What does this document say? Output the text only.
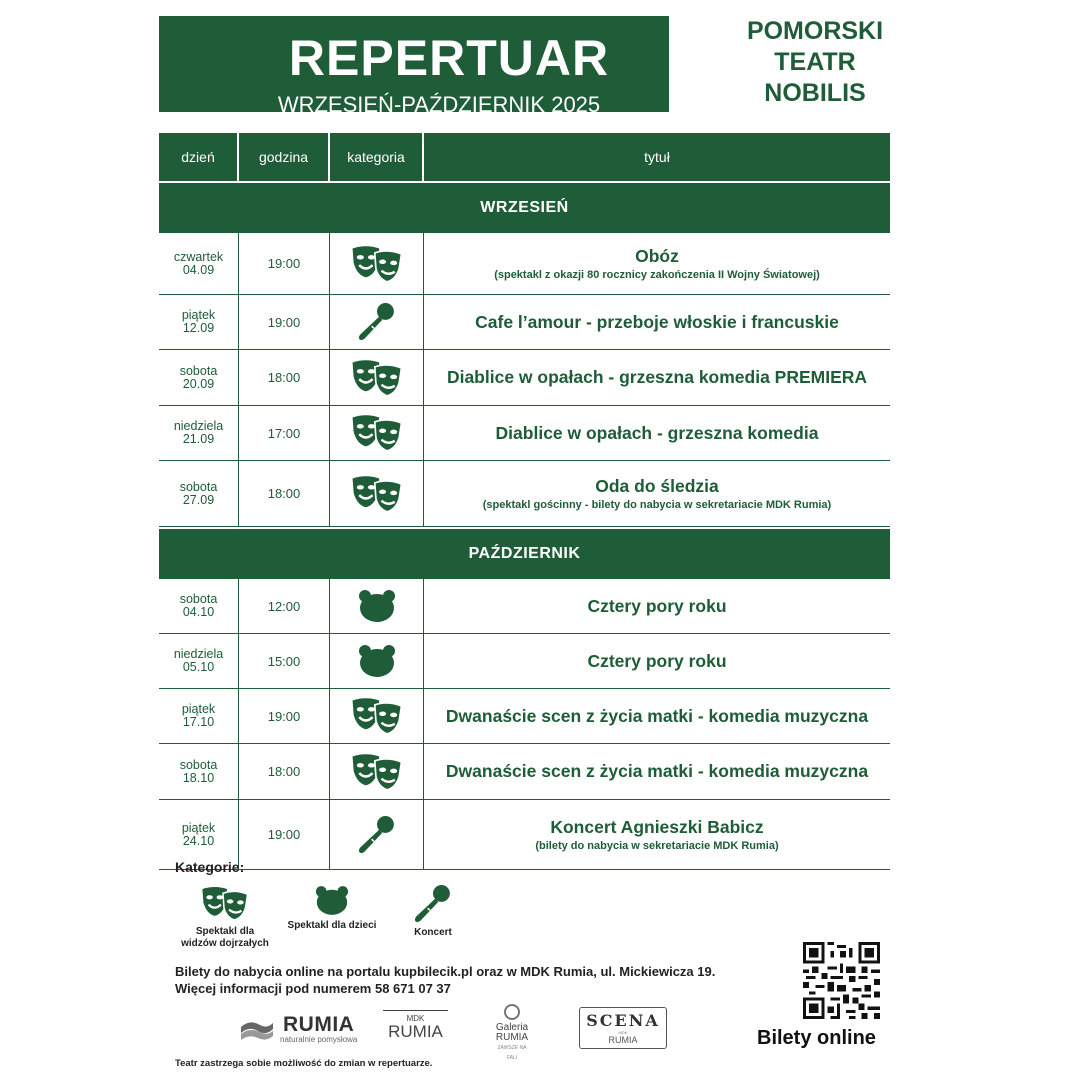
REPERTUAR
WRZESIEŃ-PAŹDZIERNIK 2025
POMORSKI
TEATR
NOBILIS
dzień	godzina	kategoria	tytuł
WRZESIEŃ
czwartek
04.09	19:00	Obóz
(spektakl z okazji 80 rocznicy zakończenia II Wojny Światowej)
piątek
12.09	19:00	Cafe l’amour - przeboje włoskie i francuskie
sobota
20.09	18:00	Diablice w opałach - grzeszna komedia PREMIERA
niedziela
21.09	17:00	Diablice w opałach - grzeszna komedia
sobota
27.09	18:00	Oda do śledzia
(spektakl gościnny - bilety do nabycia w sekretariacie MDK Rumia)
PAŹDZIERNIK
sobota
04.10	12:00	Cztery pory roku
niedziela
05.10	15:00	Cztery pory roku
piątek
17.10	19:00	Dwanaście scen z życia matki - komedia muzyczna
sobota
18.10	18:00	Dwanaście scen z życia matki - komedia muzyczna
piątek
24.10	19:00	Koncert Agnieszki Babicz
(bilety do nabycia w sekretariacie MDK Rumia)
Kategorie:
Spektakl dla
widzów dojrzałych
Spektakl dla dzieci
Koncert
Bilety do nabycia online na portalu kupbilecik.pl oraz w MDK Rumia, ul. Mickiewicza 19.
Więcej informacji pod numerem 58 671 07 37
Bilety online
RUMIA
naturalnie pomysłowa
MDK
RUMIA	Galeria
RUMIA
ZAWSZE NA FALI
SCENA
MDK
RUMIA
Teatr zastrzega sobie możliwość do zmian w repertuarze.
